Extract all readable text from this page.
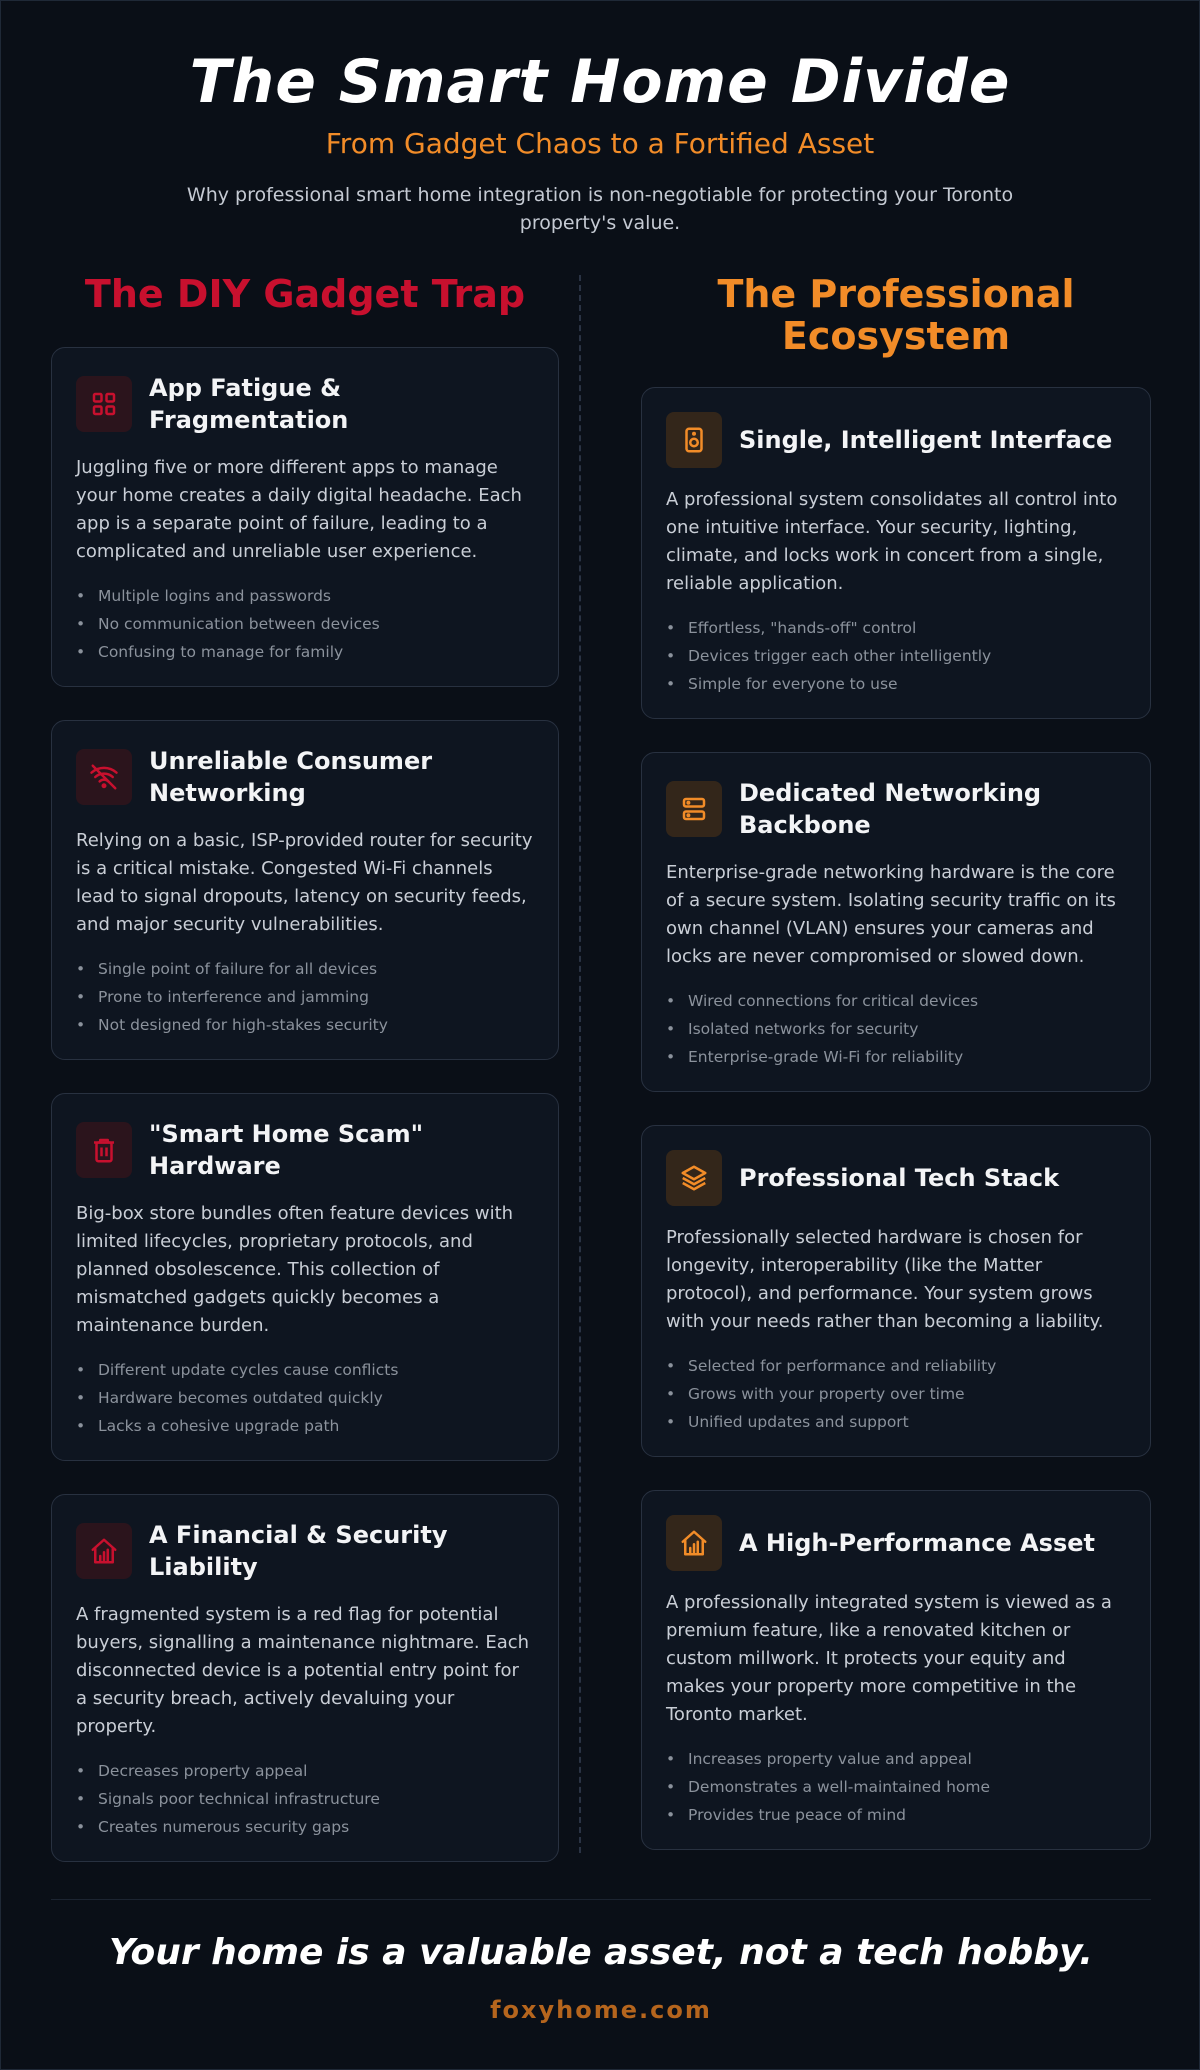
The Smart Home Divide
From Gadget Chaos to a Fortified Asset

Why professional smart home integration is non-negotiable for protecting your Toronto property's value.

The DIY Gadget Trap
App Fatigue & Fragmentation

Juggling five or more different apps to manage your home creates a daily digital headache. Each app is a separate point of failure, leading to a complicated and unreliable user experience.

• Multiple logins and passwords
• No communication between devices
• Confusing to manage for family
Unreliable Consumer Networking

Relying on a basic, ISP-provided router for security is a critical mistake. Congested Wi-Fi channels lead to signal dropouts, latency on security feeds, and major security vulnerabilities.

• Single point of failure for all devices
• Prone to interference and jamming
• Not designed for high-stakes security
"Smart Home Scam" Hardware

Big-box store bundles often feature devices with limited lifecycles, proprietary protocols, and planned obsolescence. This collection of mismatched gadgets quickly becomes a maintenance burden.

• Different update cycles cause conflicts
• Hardware becomes outdated quickly
• Lacks a cohesive upgrade path
A Financial & Security Liability

A fragmented system is a red flag for potential buyers, signalling a maintenance nightmare. Each disconnected device is a potential entry point for a security breach, actively devaluing your property.

• Decreases property appeal
• Signals poor technical infrastructure
• Creates numerous security gaps
The Professional Ecosystem
Single, Intelligent Interface

A professional system consolidates all control into one intuitive interface. Your security, lighting, climate, and locks work in concert from a single, reliable application.

• Effortless, "hands-off" control
• Devices trigger each other intelligently
• Simple for everyone to use
Dedicated Networking Backbone

Enterprise-grade networking hardware is the core of a secure system. Isolating security traffic on its own channel (VLAN) ensures your cameras and locks are never compromised or slowed down.

• Wired connections for critical devices
• Isolated networks for security
• Enterprise-grade Wi-Fi for reliability
Professional Tech Stack

Professionally selected hardware is chosen for longevity, interoperability (like the Matter protocol), and performance. Your system grows with your needs rather than becoming a liability.

• Selected for performance and reliability
• Grows with your property over time
• Unified updates and support
A High-Performance Asset

A professionally integrated system is viewed as a premium feature, like a renovated kitchen or custom millwork. It protects your equity and makes your property more competitive in the Toronto market.

• Increases property value and appeal
• Demonstrates a well-maintained home
• Provides true peace of mind
Your home is a valuable asset, not a tech hobby.
foxyhome.com
